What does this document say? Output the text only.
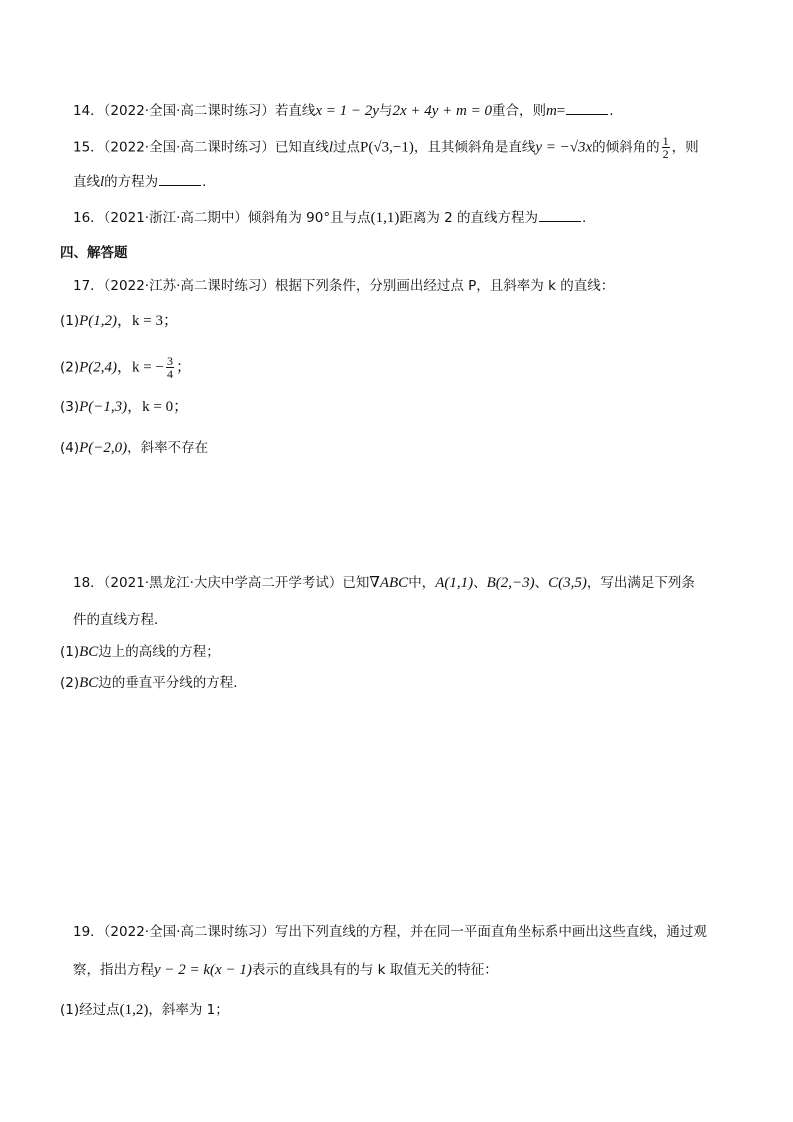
14．（2022·全国·高二课时练习）若直线x = 1 − 2y与2x + 4y + m = 0重合，则m=	.
15．（2022·全国·高二课时练习）已知直线l过点P(√3,−1)，且其倾斜角是直线y = −√3x的倾斜角的 $\frac{1}{2}$ ，则
直线l的方程为	.
16．（2021·浙江·高二期中）倾斜角为 90°且与点(1,1)距离为 2 的直线方程为	.
四、解答题
17．（2022·江苏·高二课时练习）根据下列条件，分别画出经过点 P，且斜率为 k 的直线：
(1)P(1,2)，k = 3；
(2)P(2,4)，k = − $\frac{3}{4}$ ；
(3)P(−1,3)，k = 0；
(4)P(−2,0)，斜率不存在
18．（2021·黑龙江·大庆中学高二开学考试）已知∇ABC中，A(1,1)、B(2,−3)、C(3,5)，写出满足下列条
件的直线方程．
(1)BC边上的高线的方程；
(2)BC边的垂直平分线的方程．
19．（2022·全国·高二课时练习）写出下列直线的方程，并在同一平面直角坐标系中画出这些直线，通过观
察，指出方程y − 2 = k(x − 1)表示的直线具有的与 k 取值无关的特征：
(1)经过点(1,2)，斜率为 1；
